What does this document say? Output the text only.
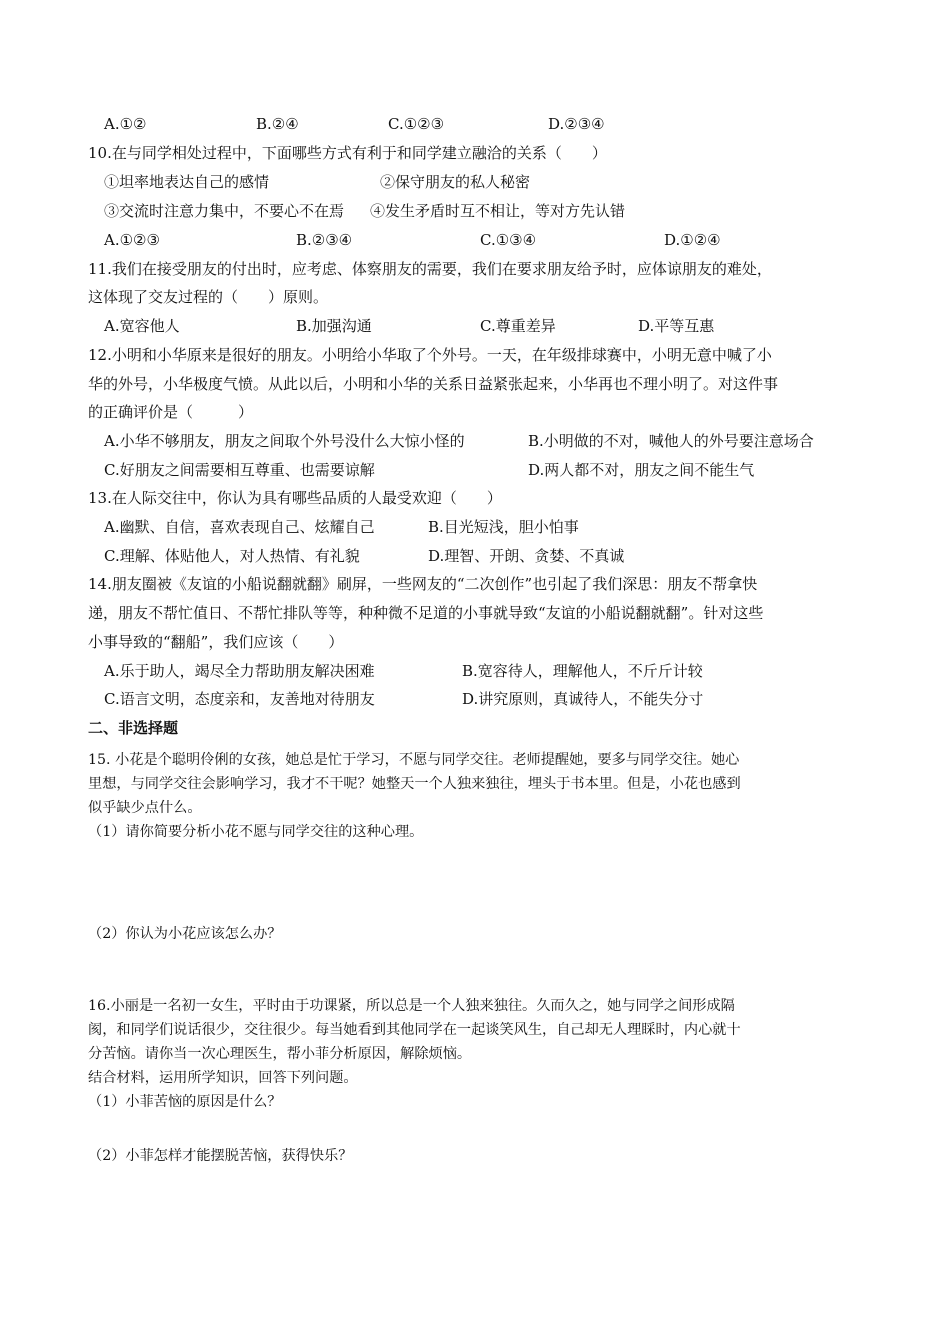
A.①②	B.②④	C.①②③	D.②③④
10.在与同学相处过程中，下面哪些方式有利于和同学建立融洽的关系（　　）
①坦率地表达自己的感情	②保守朋友的私人秘密
③交流时注意力集中，不要心不在焉 ④发生矛盾时互不相让，等对方先认错
A.①②③	B.②③④	C.①③④	D.①②④
11.我们在接受朋友的付出时，应考虑、体察朋友的需要，我们在要求朋友给予时，应体谅朋友的难处，
这体现了交友过程的（　　）原则。
A.宽容他人	B.加强沟通	C.尊重差异	D.平等互惠
12.小明和小华原来是很好的朋友。小明给小华取了个外号。一天，在年级排球赛中，小明无意中喊了小
华的外号，小华极度气愤。从此以后，小明和小华的关系日益紧张起来，小华再也不理小明了。对这件事
的正确评价是（　　　）
A.小华不够朋友，朋友之间取个外号没什么大惊小怪的	B.小明做的不对，喊他人的外号要注意场合
C.好朋友之间需要相互尊重、也需要谅解	D.两人都不对，朋友之间不能生气
13.在人际交往中，你认为具有哪些品质的人最受欢迎（　　）
A.幽默、自信，喜欢表现自己、炫耀自己	B.目光短浅，胆小怕事
C.理解、体贴他人，对人热情、有礼貌	D.理智、开朗、贪婪、不真诚
14.朋友圈被《友谊的小船说翻就翻》刷屏，一些网友的“二次创作”也引起了我们深思：朋友不帮拿快
递，朋友不帮忙值日、不帮忙排队等等，种种微不足道的小事就导致“友谊的小船说翻就翻”。针对这些
小事导致的“翻船”，我们应该（　　）
A.乐于助人，竭尽全力帮助朋友解决困难	B.宽容待人，理解他人，不斤斤计较
C.语言文明，态度亲和，友善地对待朋友	D.讲究原则，真诚待人，不能失分寸
二、非选择题
15. 小花是个聪明伶俐的女孩，她总是忙于学习，不愿与同学交往。老师提醒她，要多与同学交往。她心
里想，与同学交往会影响学习，我才不干呢？她整天一个人独来独往，埋头于书本里。但是，小花也感到
似乎缺少点什么。
（1）请你简要分析小花不愿与同学交往的这种心理。
（2）你认为小花应该怎么办？
16.小丽是一名初一女生，平时由于功课紧，所以总是一个人独来独往。久而久之，她与同学之间形成隔
阂，和同学们说话很少，交往很少。每当她看到其他同学在一起谈笑风生，自己却无人理睬时，内心就十
分苦恼。请你当一次心理医生，帮小菲分析原因，解除烦恼。
结合材料，运用所学知识，回答下列问题。
（1）小菲苦恼的原因是什么？
（2）小菲怎样才能摆脱苦恼，获得快乐？
